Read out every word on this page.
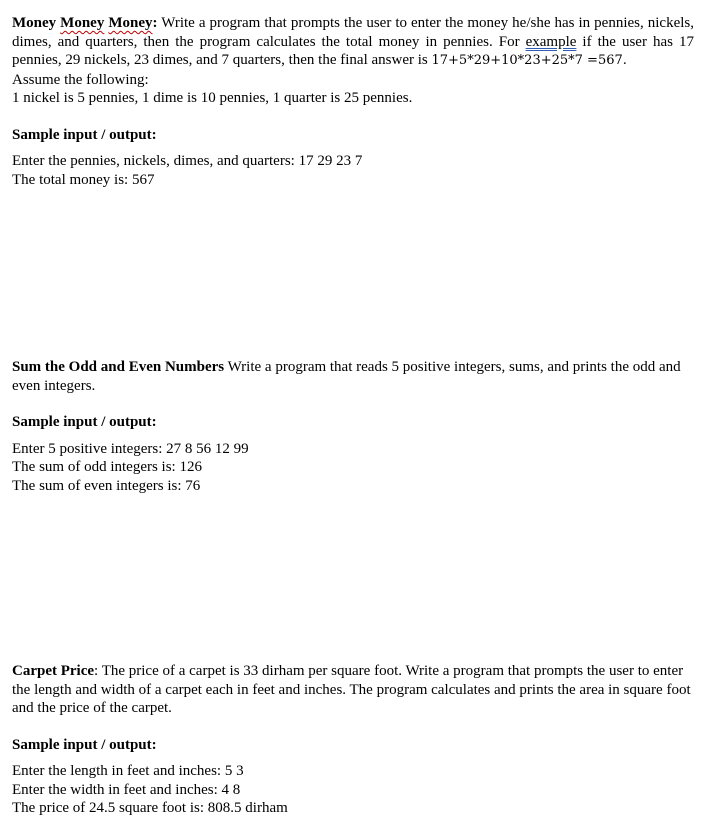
Money Money Money: Write a program that prompts the user to enter the money he/she has in pennies, nickels, dimes, and quarters, then the program calculates the total money in pennies. For example if the user has 17 pennies, 29 nickels, 23 dimes, and 7 quarters, then the final answer is 17+5*29+10*23+25*7 =567.

Assume the following:

1 nickel is 5 pennies, 1 dime is 10 pennies, 1 quarter is 25 pennies.

Sample input / output:

Enter the pennies, nickels, dimes, and quarters: 17 29 23 7

The total money is: 567

Sum the Odd and Even Numbers Write a program that reads 5 positive integers, sums, and prints the odd and even integers.

Sample input / output:

Enter 5 positive integers: 27 8 56 12 99

The sum of odd integers is: 126

The sum of even integers is: 76

Carpet Price: The price of a carpet is 33 dirham per square foot. Write a program that prompts the user to enter the length and width of a carpet each in feet and inches. The program calculates and prints the area in square foot and the price of the carpet.

Sample input / output:

Enter the length in feet and inches: 5 3

Enter the width in feet and inches: 4 8

The price of 24.5 square foot is: 808.5 dirham
